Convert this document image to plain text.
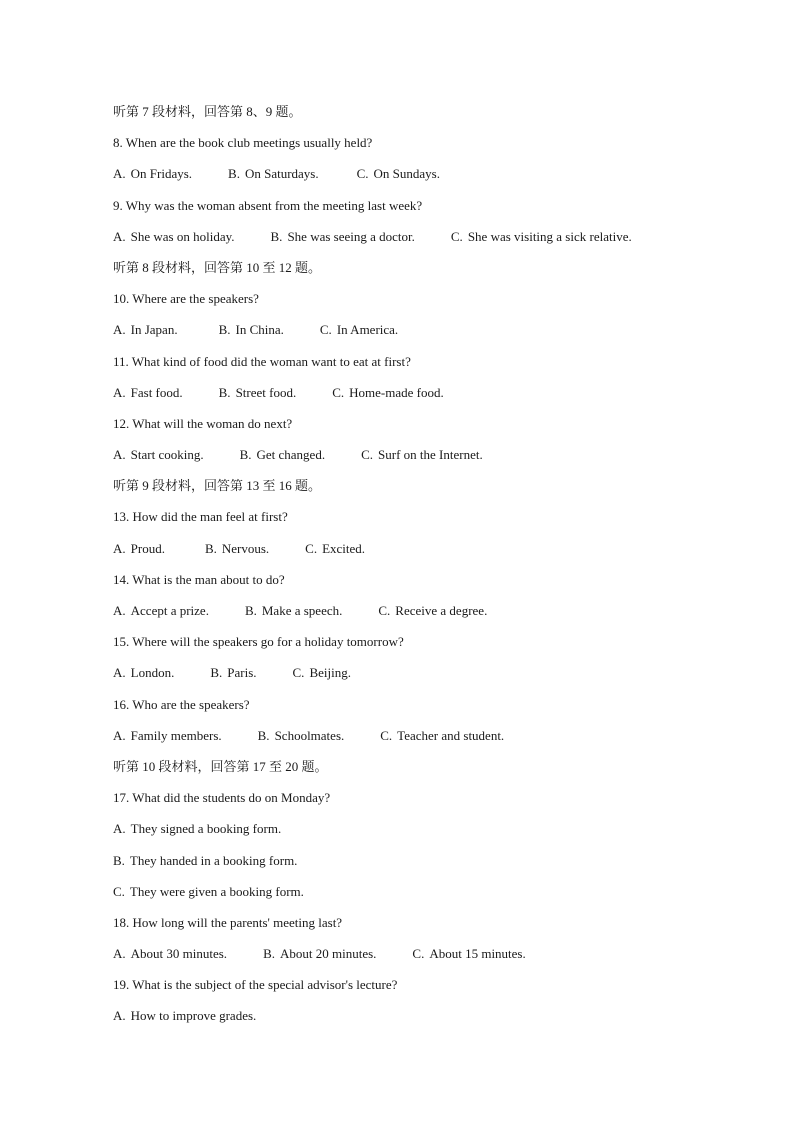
听第 7 段材料，回答第 8、9 题。
8. When are the book club meetings usually held?
A. On Fridays.	B. On Saturdays.	C. On Sundays.
9. Why was the woman absent from the meeting last week?
A. She was on holiday.	B. She was seeing a doctor.	C. She was visiting a sick relative.
听第 8 段材料，回答第 10 至 12 题。
10. Where are the speakers?
A. In Japan.	B. In China.	C. In America.
11. What kind of food did the woman want to eat at first?
A. Fast food.	B. Street food.	C. Home-made food.
12. What will the woman do next?
A. Start cooking.	B. Get changed.	C. Surf on the Internet.
听第 9 段材料，回答第 13 至 16 题。
13. How did the man feel at first?
A. Proud.	B. Nervous.	C. Excited.
14. What is the man about to do?
A. Accept a prize.	B. Make a speech.	C. Receive a degree.
15. Where will the speakers go for a holiday tomorrow?
A. London.	B. Paris.	C. Beijing.
16. Who are the speakers?
A. Family members.	B. Schoolmates.	C. Teacher and student.
听第 10 段材料，回答第 17 至 20 题。
17. What did the students do on Monday?
A. They signed a booking form.
B. They handed in a booking form.
C. They were given a booking form.
18. How long will the parents' meeting last?
A. About 30 minutes.	B. About 20 minutes.	C. About 15 minutes.
19. What is the subject of the special advisor's lecture?
A. How to improve grades.
